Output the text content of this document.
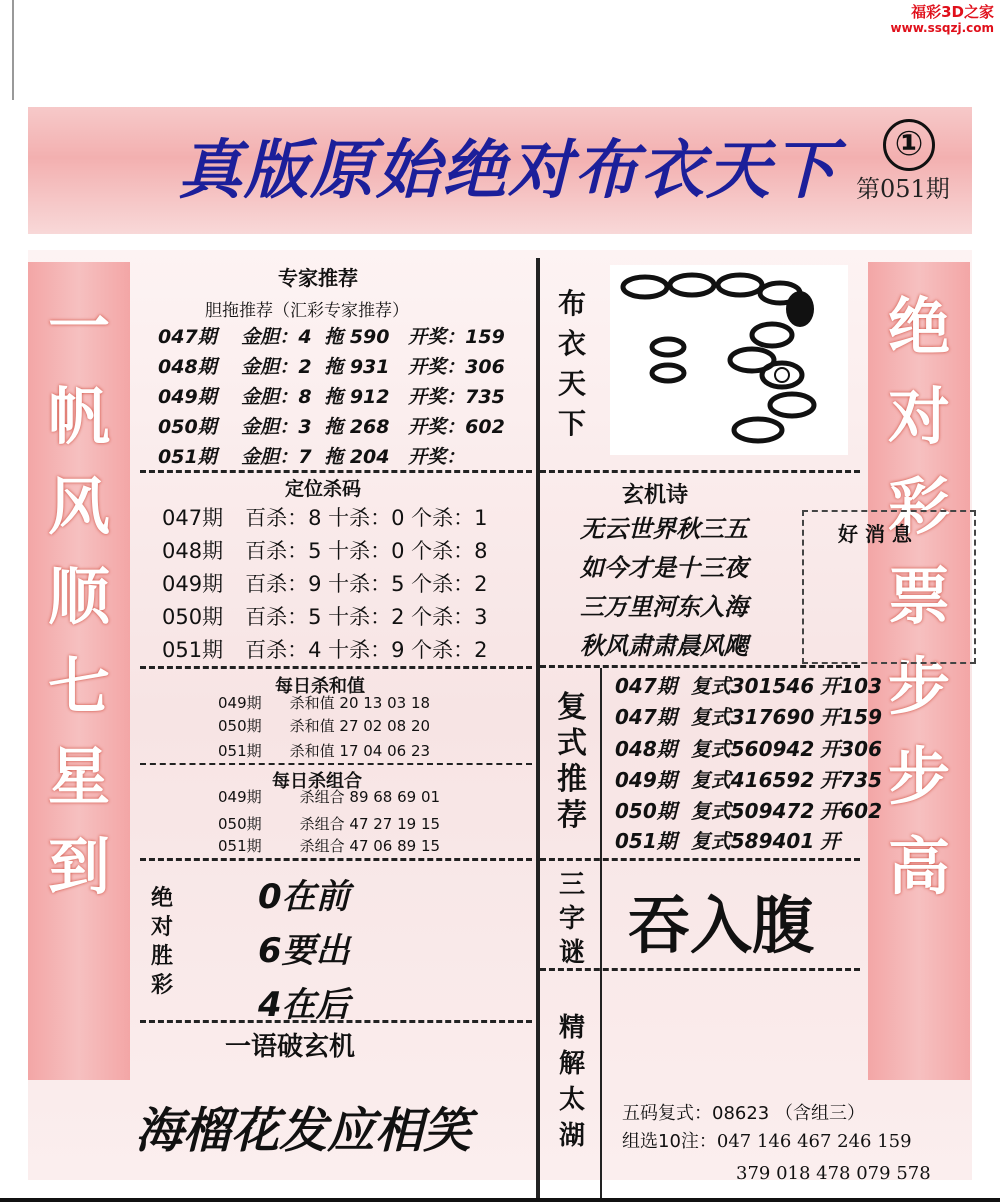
福彩3D之家
www.ssqzj.com
真版原始绝对布衣天下	①
第051期
一
帆
风
顺
七
星
到
绝
对
彩
票
步
步
高
专家推荐
胆拖推荐（汇彩专家推荐）
047期 金胆：4 拖 590 开奖：159
048期 金胆：2 拖 931 开奖：306
049期 金胆：8 拖 912 开奖：735
050期 金胆：3 拖 268 开奖：602
051期 金胆：7 拖 204 开奖：
定位杀码
047期 百杀：8 十杀：0 个杀：1
048期 百杀：5 十杀：0 个杀：8
049期 百杀：9 十杀：5 个杀：2
050期 百杀：5 十杀：2 个杀：3
051期 百杀：4 十杀：9 个杀：2
每日杀和值
049期 杀和值 20 13 03 18
050期 杀和值 27 02 08 20
051期 杀和值 17 04 06 23
每日杀组合
049期	杀组合 89 68 69 01
050期	杀组合 47 27 19 15
051期	杀组合 47 06 89 15
绝
对
胜
彩
0在前
6要出
4在后
一语破玄机
海榴花发应相笑
布
衣
天
下
玄机诗
无云世界秋三五
如今才是十三夜
三万里河东入海
秋风肃肃晨风飔
好 消 息
复
式
推
荐
047期 复式301546 开103
047期 复式317690 开159
048期 复式560942 开306
049期 复式416592 开735
050期 复式509472 开602
051期 复式589401 开
三
字
谜 吞入腹
精
解
太
湖
五码复式：08623 （含组三）
组选10注：047 146 467 246 159
379 018 478 079 578
